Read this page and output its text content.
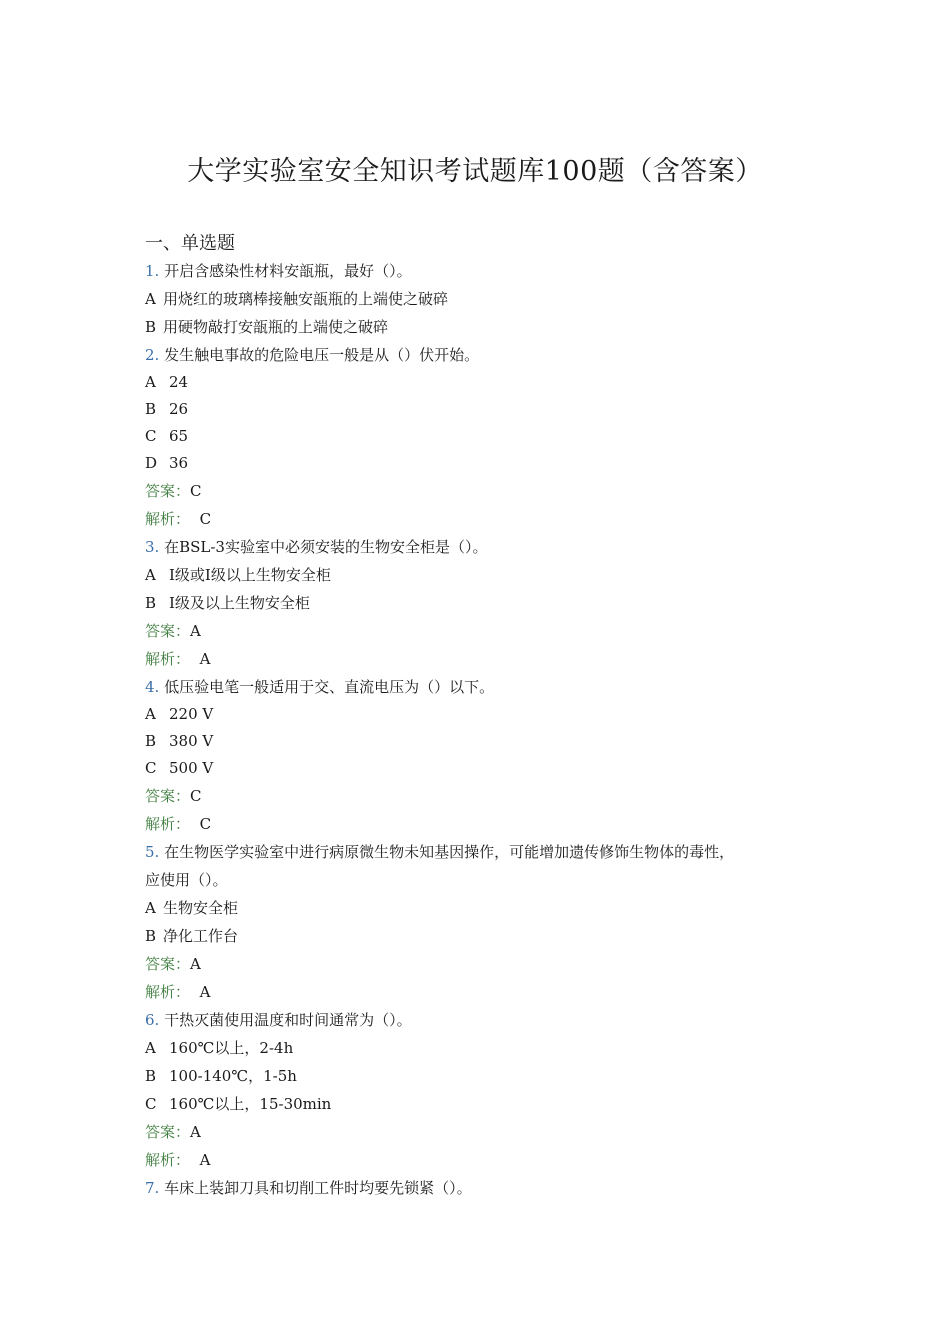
大学实验室安全知识考试题库100题（含答案）
一、单选题
1. 开启含感染性材料安瓿瓶，最好（）。
A 用烧红的玻璃棒接触安瓿瓶的上端使之破碎
B 用硬物敲打安瓿瓶的上端使之破碎
2. 发生触电事故的危险电压一般是从（）伏开始。
A 24
B 26
C 65
D 36
答案：C
解析： C
3. 在BSL-3实验室中必须安装的生物安全柜是（）。
A Ⅰ级或Ⅰ级以上生物安全柜
B Ⅰ级及以上生物安全柜
答案：A
解析： A
4. 低压验电笔一般适用于交、直流电压为（）以下。
A 220 V
B 380 V
C 500 V
答案：C
解析： C
5. 在生物医学实验室中进行病原微生物未知基因操作，可能增加遗传修饰生物体的毒性，
应使用（）。
A 生物安全柜
B 净化工作台
答案：A
解析： A
6. 干热灭菌使用温度和时间通常为（）。
A 160℃以上，2-4h
B 100-140℃，1-5h
C 160℃以上，15-30min
答案：A
解析： A
7. 车床上装卸刀具和切削工件时均要先锁紧（）。
